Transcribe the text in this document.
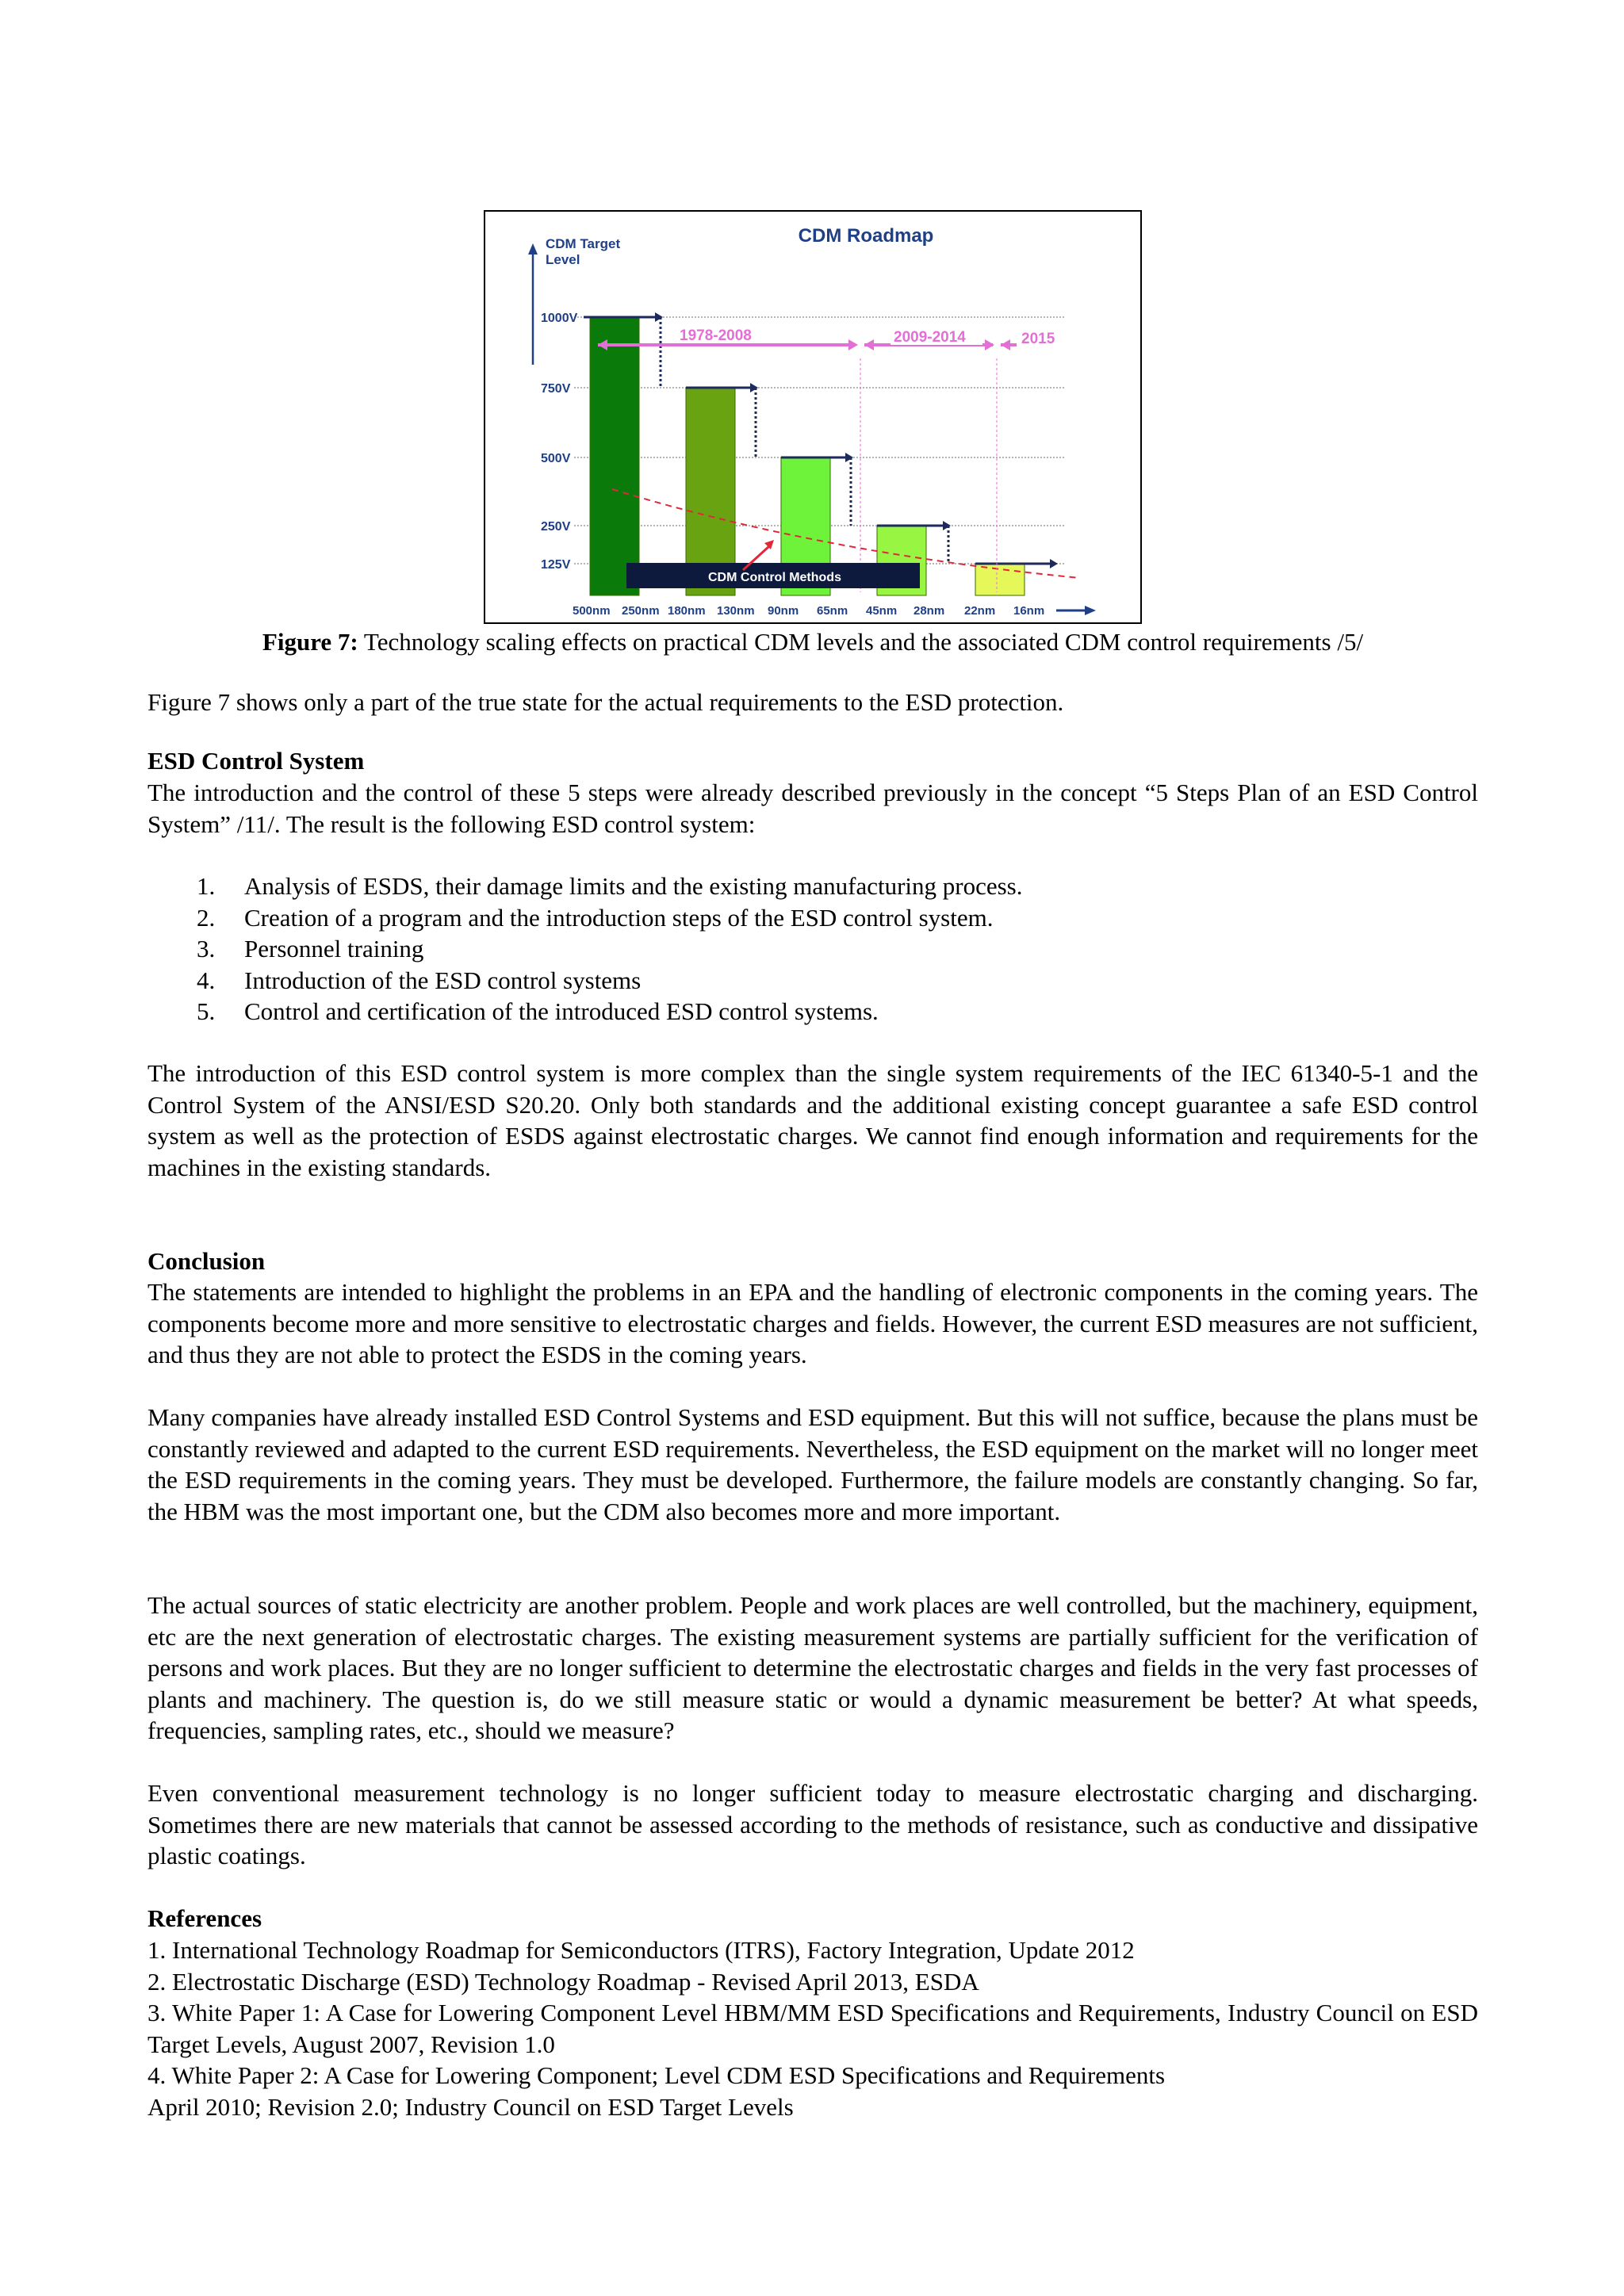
CDM Roadmap
CDM Target
Level
1000V
750V
500V
250V
125V
1978-2008	2009-2014	2015
500nm 250nm 180nm 130nm 90nm 65nm 45nm 28nm 22nm 16nm
CDM Control Methods
Figure 7: Technology scaling effects on practical CDM levels and the associated CDM control requirements /5/
Figure 7 shows only a part of the true state for the actual requirements to the ESD protection.
ESD Control System
The introduction and the control of these 5 steps were already described previously in the concept “5 Steps Plan of an ESD Control System” /11/. The result is the following ESD control system:
1. Analysis of ESDS, their damage limits and the existing manufacturing process.
2. Creation of a program and the introduction steps of the ESD control system.
3. Personnel training
4. Introduction of the ESD control systems
5. Control and certification of the introduced ESD control systems.
The introduction of this ESD control system is more complex than the single system requirements of the IEC 61340-5-1 and the Control System of the ANSI/ESD S20.20. Only both standards and the additional existing concept guarantee a safe ESD control system as well as the protection of ESDS against electrostatic charges. We cannot find enough information and requirements for the machines in the existing standards.
Conclusion
The statements are intended to highlight the problems in an EPA and the handling of electronic components in the coming years. The components become more and more sensitive to electrostatic charges and fields. However, the current ESD measures are not sufficient, and thus they are not able to protect the ESDS in the coming years.
Many companies have already installed ESD Control Systems and ESD equipment. But this will not suffice, because the plans must be constantly reviewed and adapted to the current ESD requirements. Nevertheless, the ESD equipment on the market will no longer meet the ESD requirements in the coming years. They must be developed. Furthermore, the failure models are constantly changing. So far, the HBM was the most important one, but the CDM also becomes more and more important.
The actual sources of static electricity are another problem. People and work places are well controlled, but the machinery, equipment, etc are the next generation of electrostatic charges. The existing measurement systems are partially sufficient for the verification of persons and work places. But they are no longer sufficient to determine the electrostatic charges and fields in the very fast processes of plants and machinery. The question is, do we still measure static or would a dynamic measurement be better? At what speeds, frequencies, sampling rates, etc., should we measure?
Even conventional measurement technology is no longer sufficient today to measure electrostatic charging and discharging. Sometimes there are new materials that cannot be assessed according to the methods of resistance, such as conductive and dissipative plastic coatings.
References
1. International Technology Roadmap for Semiconductors (ITRS), Factory Integration, Update 2012
2. Electrostatic Discharge (ESD) Technology Roadmap - Revised April 2013, ESDA
3. White Paper 1: A Case for Lowering Component Level HBM/MM ESD Specifications and Requirements, Industry Council on ESD Target Levels, August 2007, Revision 1.0
4. White Paper 2: A Case for Lowering Component; Level CDM ESD Specifications and Requirements
April 2010; Revision 2.0; Industry Council on ESD Target Levels
